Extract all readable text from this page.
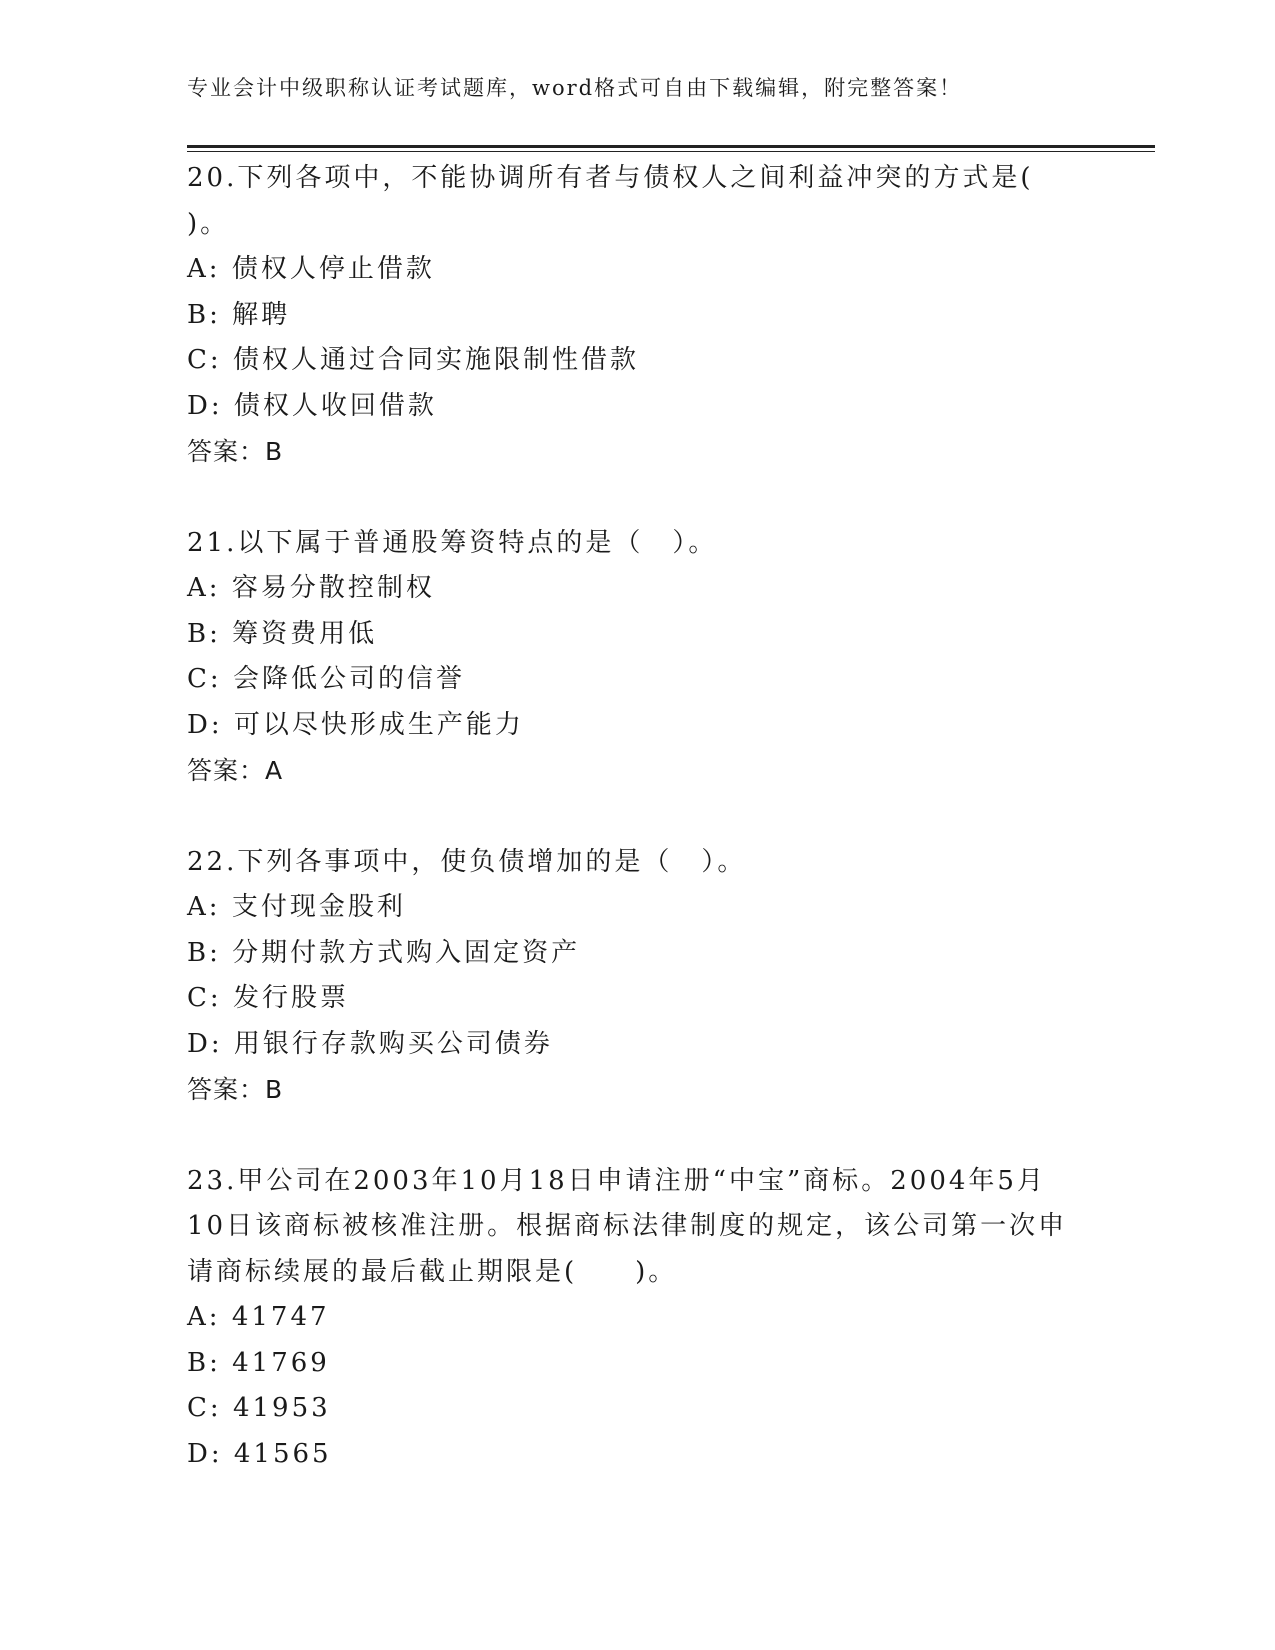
专业会计中级职称认证考试题库，word格式可自由下载编辑，附完整答案！
20.下列各项中，不能协调所有者与债权人之间利益冲突的方式是(
)。
A: 债权人停止借款
B: 解聘
C: 债权人通过合同实施限制性借款
D: 债权人收回借款
答案：B
21.以下属于普通股筹资特点的是（　）。
A: 容易分散控制权
B: 筹资费用低
C: 会降低公司的信誉
D: 可以尽快形成生产能力
答案：A
22.下列各事项中，使负债增加的是（　）。
A: 支付现金股利
B: 分期付款方式购入固定资产
C: 发行股票
D: 用银行存款购买公司债券
答案：B
23.甲公司在2003年10月18日申请注册“中宝”商标。2004年5月
10日该商标被核准注册。根据商标法律制度的规定，该公司第一次申
请商标续展的最后截止期限是(　　)。
A: 41747
B: 41769
C: 41953
D: 41565
